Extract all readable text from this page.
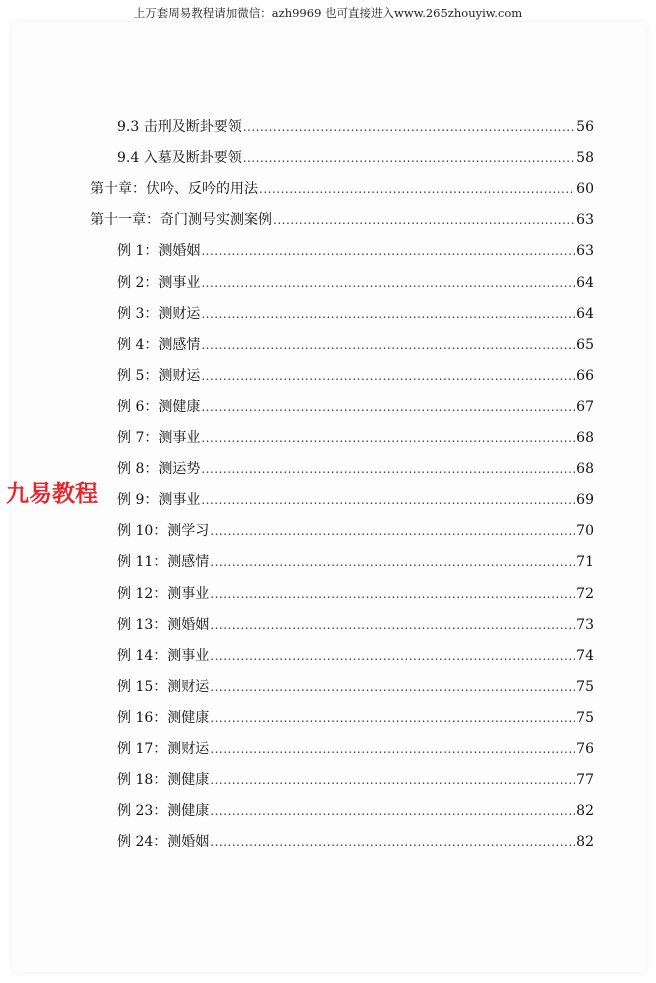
上万套周易教程请加微信：azh9969 也可直接进入www.265zhouyiw.com
9.3 击刑及断卦要领 .....	56
9.4 入墓及断卦要领 .....	58
第十章：伏吟、反吟的用法 .....	60
第十一章：奇门测号实测案例 .....	63
例 1：测婚姻 .....	63
例 2：测事业 .....	64
例 3：测财运 .....	64
例 4：测感情 .....	65
例 5：测财运 .....	66
例 6：测健康 .....	67
例 7：测事业 .....	68
例 8：测运势 .....	68
例 9：测事业 .....	69
例 10：测学习 .....	70
例 11：测感情 .....	71
例 12：测事业 .....	72
例 13：测婚姻 .....	73
例 14：测事业 .....	74
例 15：测财运 .....	75
例 16：测健康 .....	75
例 17：测财运 .....	76
例 18：测健康 .....	77
例 23：测健康 .....	82
例 24：测婚姻 .....	82
九易教程
